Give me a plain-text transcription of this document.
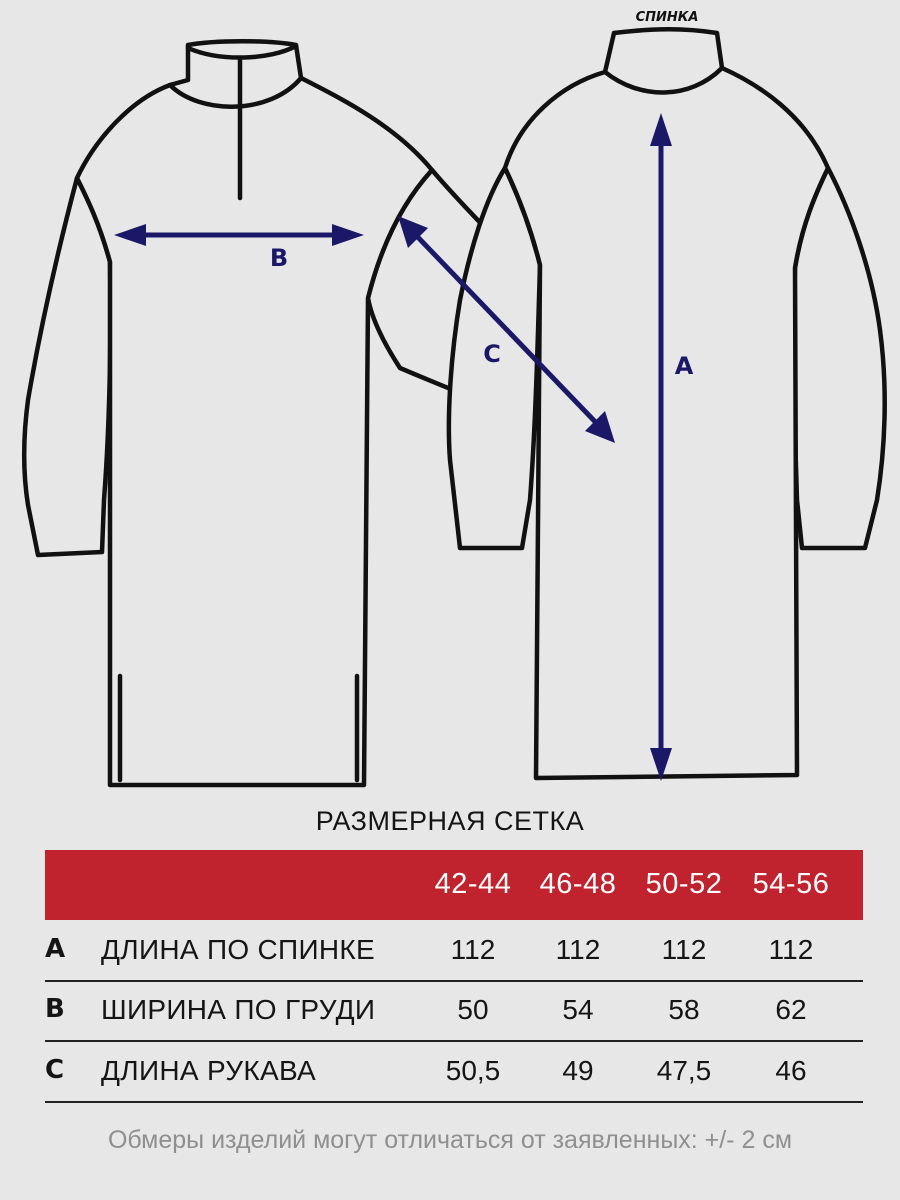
B
C	A
СПИНКА
РАЗМЕРНАЯ СЕТКА
42-44 46-48	50-52	54-56
A ДЛИНА ПО СПИНКЕ	112	112	112	112
B ШИРИНА ПО ГРУДИ	50	54	58	62
C ДЛИНА РУКАВА	50,5	49	47,5	46
Обмеры изделий могут отличаться от заявленных: +/- 2 см
